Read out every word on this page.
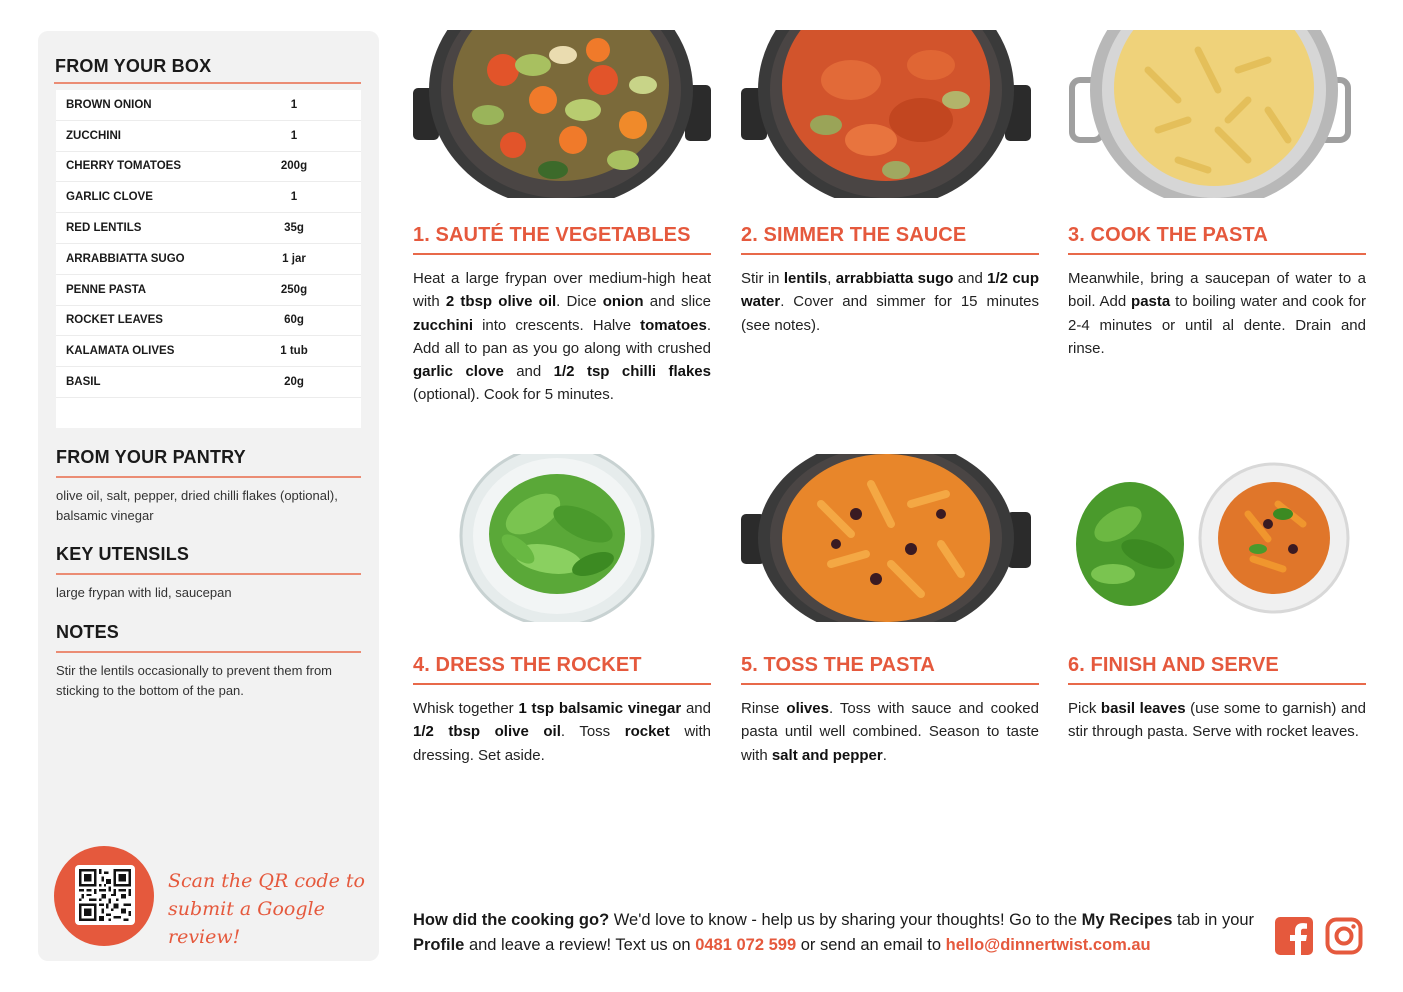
FROM YOUR BOX
BROWN ONION	1
ZUCCHINI	1
CHERRY TOMATOES	200g
GARLIC CLOVE	1
RED LENTILS	35g
ARRABBIATTA SUGO	1 jar
PENNE PASTA	250g
ROCKET LEAVES	60g
KALAMATA OLIVES	1 tub
BASIL	20g
FROM YOUR PANTRY
olive oil, salt, pepper, dried chilli flakes (optional), balsamic vinegar
KEY UTENSILS
large frypan with lid, saucepan
NOTES
Stir the lentils occasionally to prevent them from sticking to the bottom of the pan.
Scan the QR code to submit a Google review!
1. SAUTÉ THE VEGETABLES
Heat a large frypan over medium-high heat with 2 tbsp olive oil. Dice onion and slice zucchini into crescents. Halve tomatoes. Add all to pan as you go along with crushed garlic clove and 1/2 tsp chilli flakes (optional). Cook for 5 minutes.
2. SIMMER THE SAUCE
Stir in lentils, arrabbiatta sugo and 1/2 cup water. Cover and simmer for 15 minutes (see notes).
3. COOK THE PASTA
Meanwhile, bring a saucepan of water to a boil. Add pasta to boiling water and cook for 2-4 minutes or until al dente. Drain and rinse.
4. DRESS THE ROCKET
Whisk together 1 tsp balsamic vinegar and 1/2 tbsp olive oil. Toss rocket with dressing. Set aside.
5. TOSS THE PASTA
Rinse olives. Toss with sauce and cooked pasta until well combined. Season to taste with salt and pepper.
6. FINISH AND SERVE
Pick basil leaves (use some to garnish) and stir through pasta. Serve with rocket leaves.
How did the cooking go? We'd love to know - help us by sharing your thoughts! Go to the My Recipes tab in your Profile and leave a review! Text us on 0481 072 599 or send an email to hello@dinnertwist.com.au
